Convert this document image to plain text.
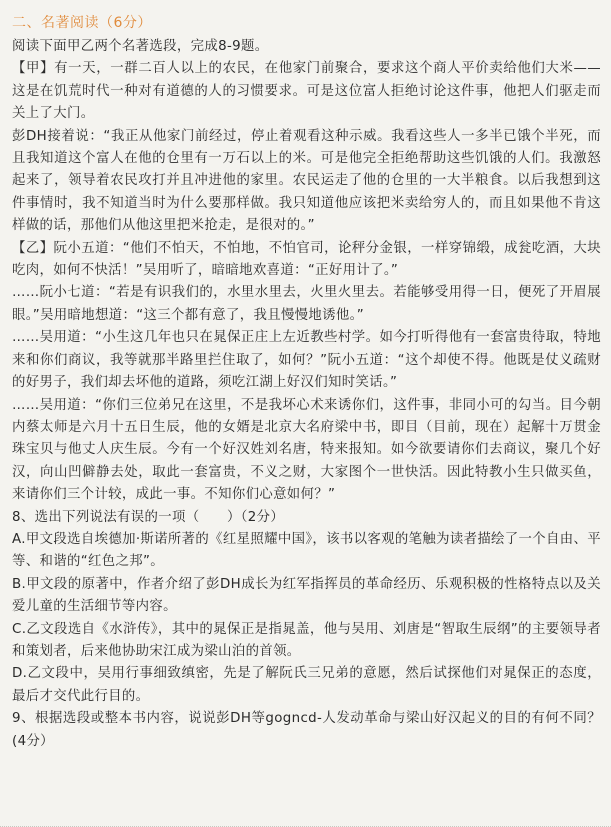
二、名著阅读（6分）

阅读下面甲乙两个名著选段，完成8-9题。

【甲】有一天，一群二百人以上的农民，在他家门前聚合，要求这个商人平价卖给他们大米——这是在饥荒时代一种对有道德的人的习惯要求。可是这位富人拒绝讨论这件事，他把人们驱走而关上了大门。

彭DH接着说：“我正从他家门前经过，停止着观看这种示威。我看这些人一多半已饿个半死，而且我知道这个富人在他的仓里有一万石以上的米。可是他完全拒绝帮助这些饥饿的人们。我激怒起来了，领导着农民攻打并且冲进他的家里。农民运走了他的仓里的一大半粮食。以后我想到这件事情时，我不知道当时为什么要那样做。我只知道他应该把米卖给穷人的，而且如果他不肯这样做的话，那他们从他这里把米抢走，是很对的。”

【乙】阮小五道：“他们不怕天，不怕地，不怕官司，论秤分金银，一样穿锦缎，成瓮吃酒，大块吃肉，如何不快活！”吴用听了，暗暗地欢喜道：“正好用计了。”

……阮小七道：“若是有识我们的，水里水里去，火里火里去。若能够受用得一日，便死了开眉展眼。”吴用暗地想道：“这三个都有意了，我且慢慢地诱他。”

……吴用道：“小生这几年也只在晁保正庄上左近教些村学。如今打听得他有一套富贵待取，特地来和你们商议，我等就那半路里拦住取了，如何？”阮小五道：“这个却使不得。他既是仗义疏财的好男子，我们却去坏他的道路，须吃江湖上好汉们知时笑话。”

……吴用道：“你们三位弟兄在这里，不是我坏心术来诱你们，这件事，非同小可的勾当。目今朝内蔡太师是六月十五日生辰，他的女婿是北京大名府梁中书，即目（目前，现在）起解十万贯金珠宝贝与他丈人庆生辰。今有一个好汉姓刘名唐，特来报知。如今欲要请你们去商议，聚几个好汉，向山凹僻静去处，取此一套富贵，不义之财，大家图个一世快活。因此特教小生只做买鱼，来请你们三个计较，成此一事。不知你们心意如何？”

8、选出下列说法有误的一项（　　）（2分）

A.甲文段选自埃德加·斯诺所著的《红星照耀中国》，该书以客观的笔触为读者描绘了一个自由、平等、和谐的“红色之邦”。

B.甲文段的原著中，作者介绍了彭DH成长为红军指挥员的革命经历、乐观积极的性格特点以及关爱儿童的生活细节等内容。

C.乙文段选自《水浒传》，其中的晁保正是指晁盖，他与吴用、刘唐是“智取生辰纲”的主要领导者和策划者，后来他协助宋江成为梁山泊的首领。

D.乙文段中，吴用行事细致缜密，先是了解阮氏三兄弟的意愿，然后试探他们对晁保正的态度，最后才交代此行目的。

9、根据选段或整本书内容，说说彭DH等gogncd-人发动革命与梁山好汉起义的目的有何不同？(4分）
